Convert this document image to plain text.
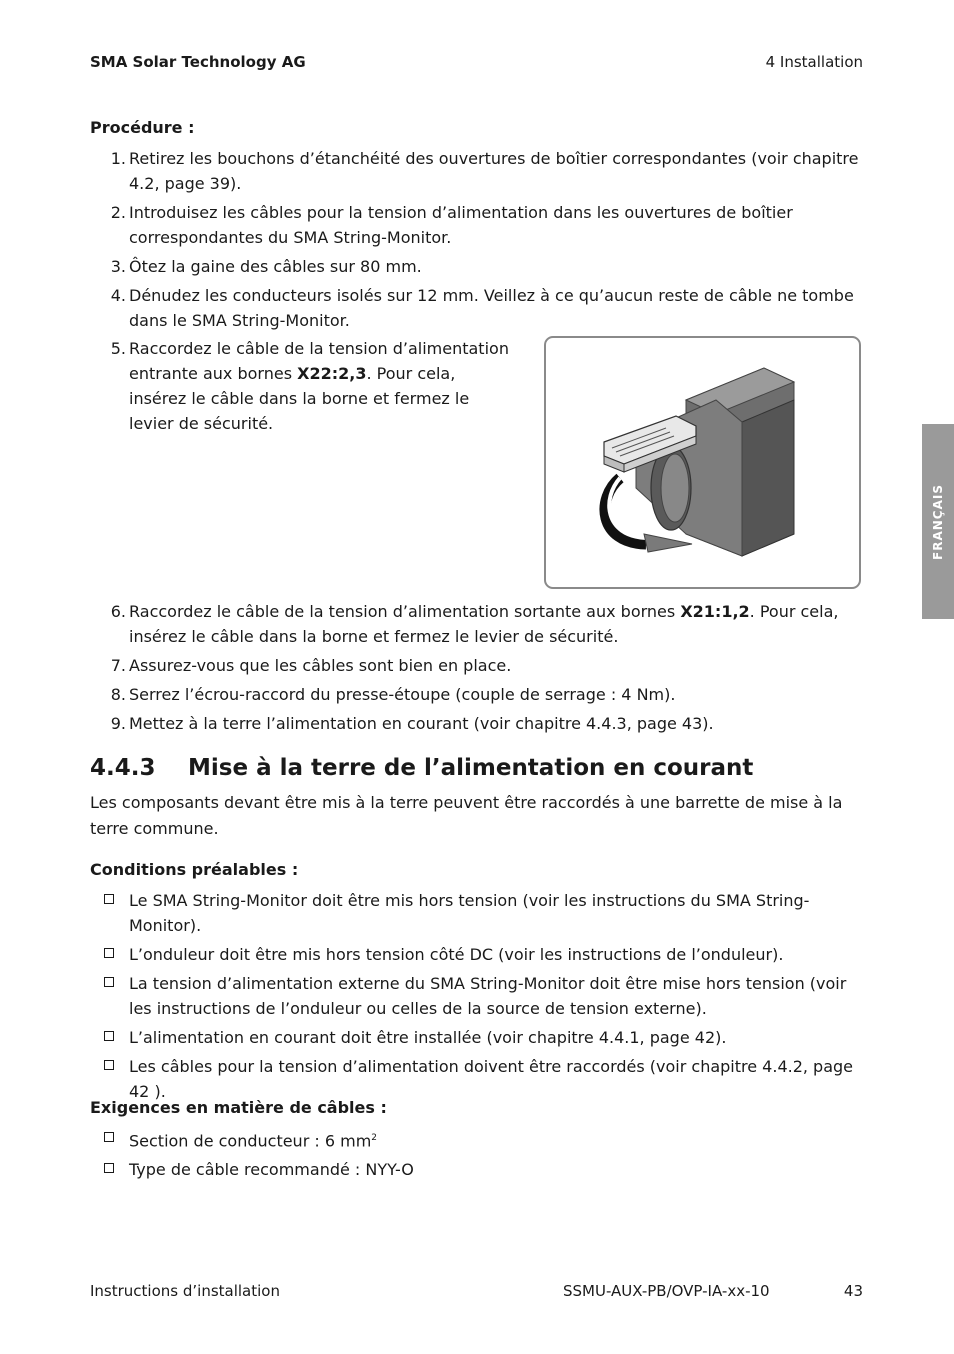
SMA Solar Technology AG	4 Installation
FRANÇAIS
Procédure :
1. Retirez les bouchons d’étanchéité des ouvertures de boîtier correspondantes (voir chapitre 4.2, page 39).
2. Introduisez les câbles pour la tension d’alimentation dans les ouvertures de boîtier correspondantes du SMA String-Monitor.
3. Ôtez la gaine des câbles sur 80 mm.
4. Dénudez les conducteurs isolés sur 12 mm. Veillez à ce qu’aucun reste de câble ne tombe dans le SMA String-Monitor.
5. Raccordez le câble de la tension d’alimentation entrante aux bornes X22:2,3. Pour cela, insérez le câble dans la borne et fermez le levier de sécurité.
6. Raccordez le câble de la tension d’alimentation sortante aux bornes X21:1,2. Pour cela, insérez le câble dans la borne et fermez le levier de sécurité.
7. Assurez-vous que les câbles sont bien en place.
8. Serrez l’écrou-raccord du presse-étoupe (couple de serrage : 4 Nm).
9. Mettez à la terre l’alimentation en courant (voir chapitre 4.4.3, page 43).
4.4.3 Mise à la terre de l’alimentation en courant
Les composants devant être mis à la terre peuvent être raccordés à une barrette de mise à la terre commune.
Conditions préalables :
Le SMA String-Monitor doit être mis hors tension (voir les instructions du SMA String-Monitor).
L’onduleur doit être mis hors tension côté DC (voir les instructions de l’onduleur).
La tension d’alimentation externe du SMA String-Monitor doit être mise hors tension (voir les instructions de l’onduleur ou celles de la source de tension externe).
L’alimentation en courant doit être installée (voir chapitre 4.4.1, page 42).
Les câbles pour la tension d’alimentation doivent être raccordés (voir chapitre 4.4.2, page 42 ).
Exigences en matière de câbles :
Section de conducteur : 6 $mm^2$
Type de câble recommandé : NYY-O
Instructions d’installation	SSMU-AUX-PB/OVP-IA-xx-10	43
